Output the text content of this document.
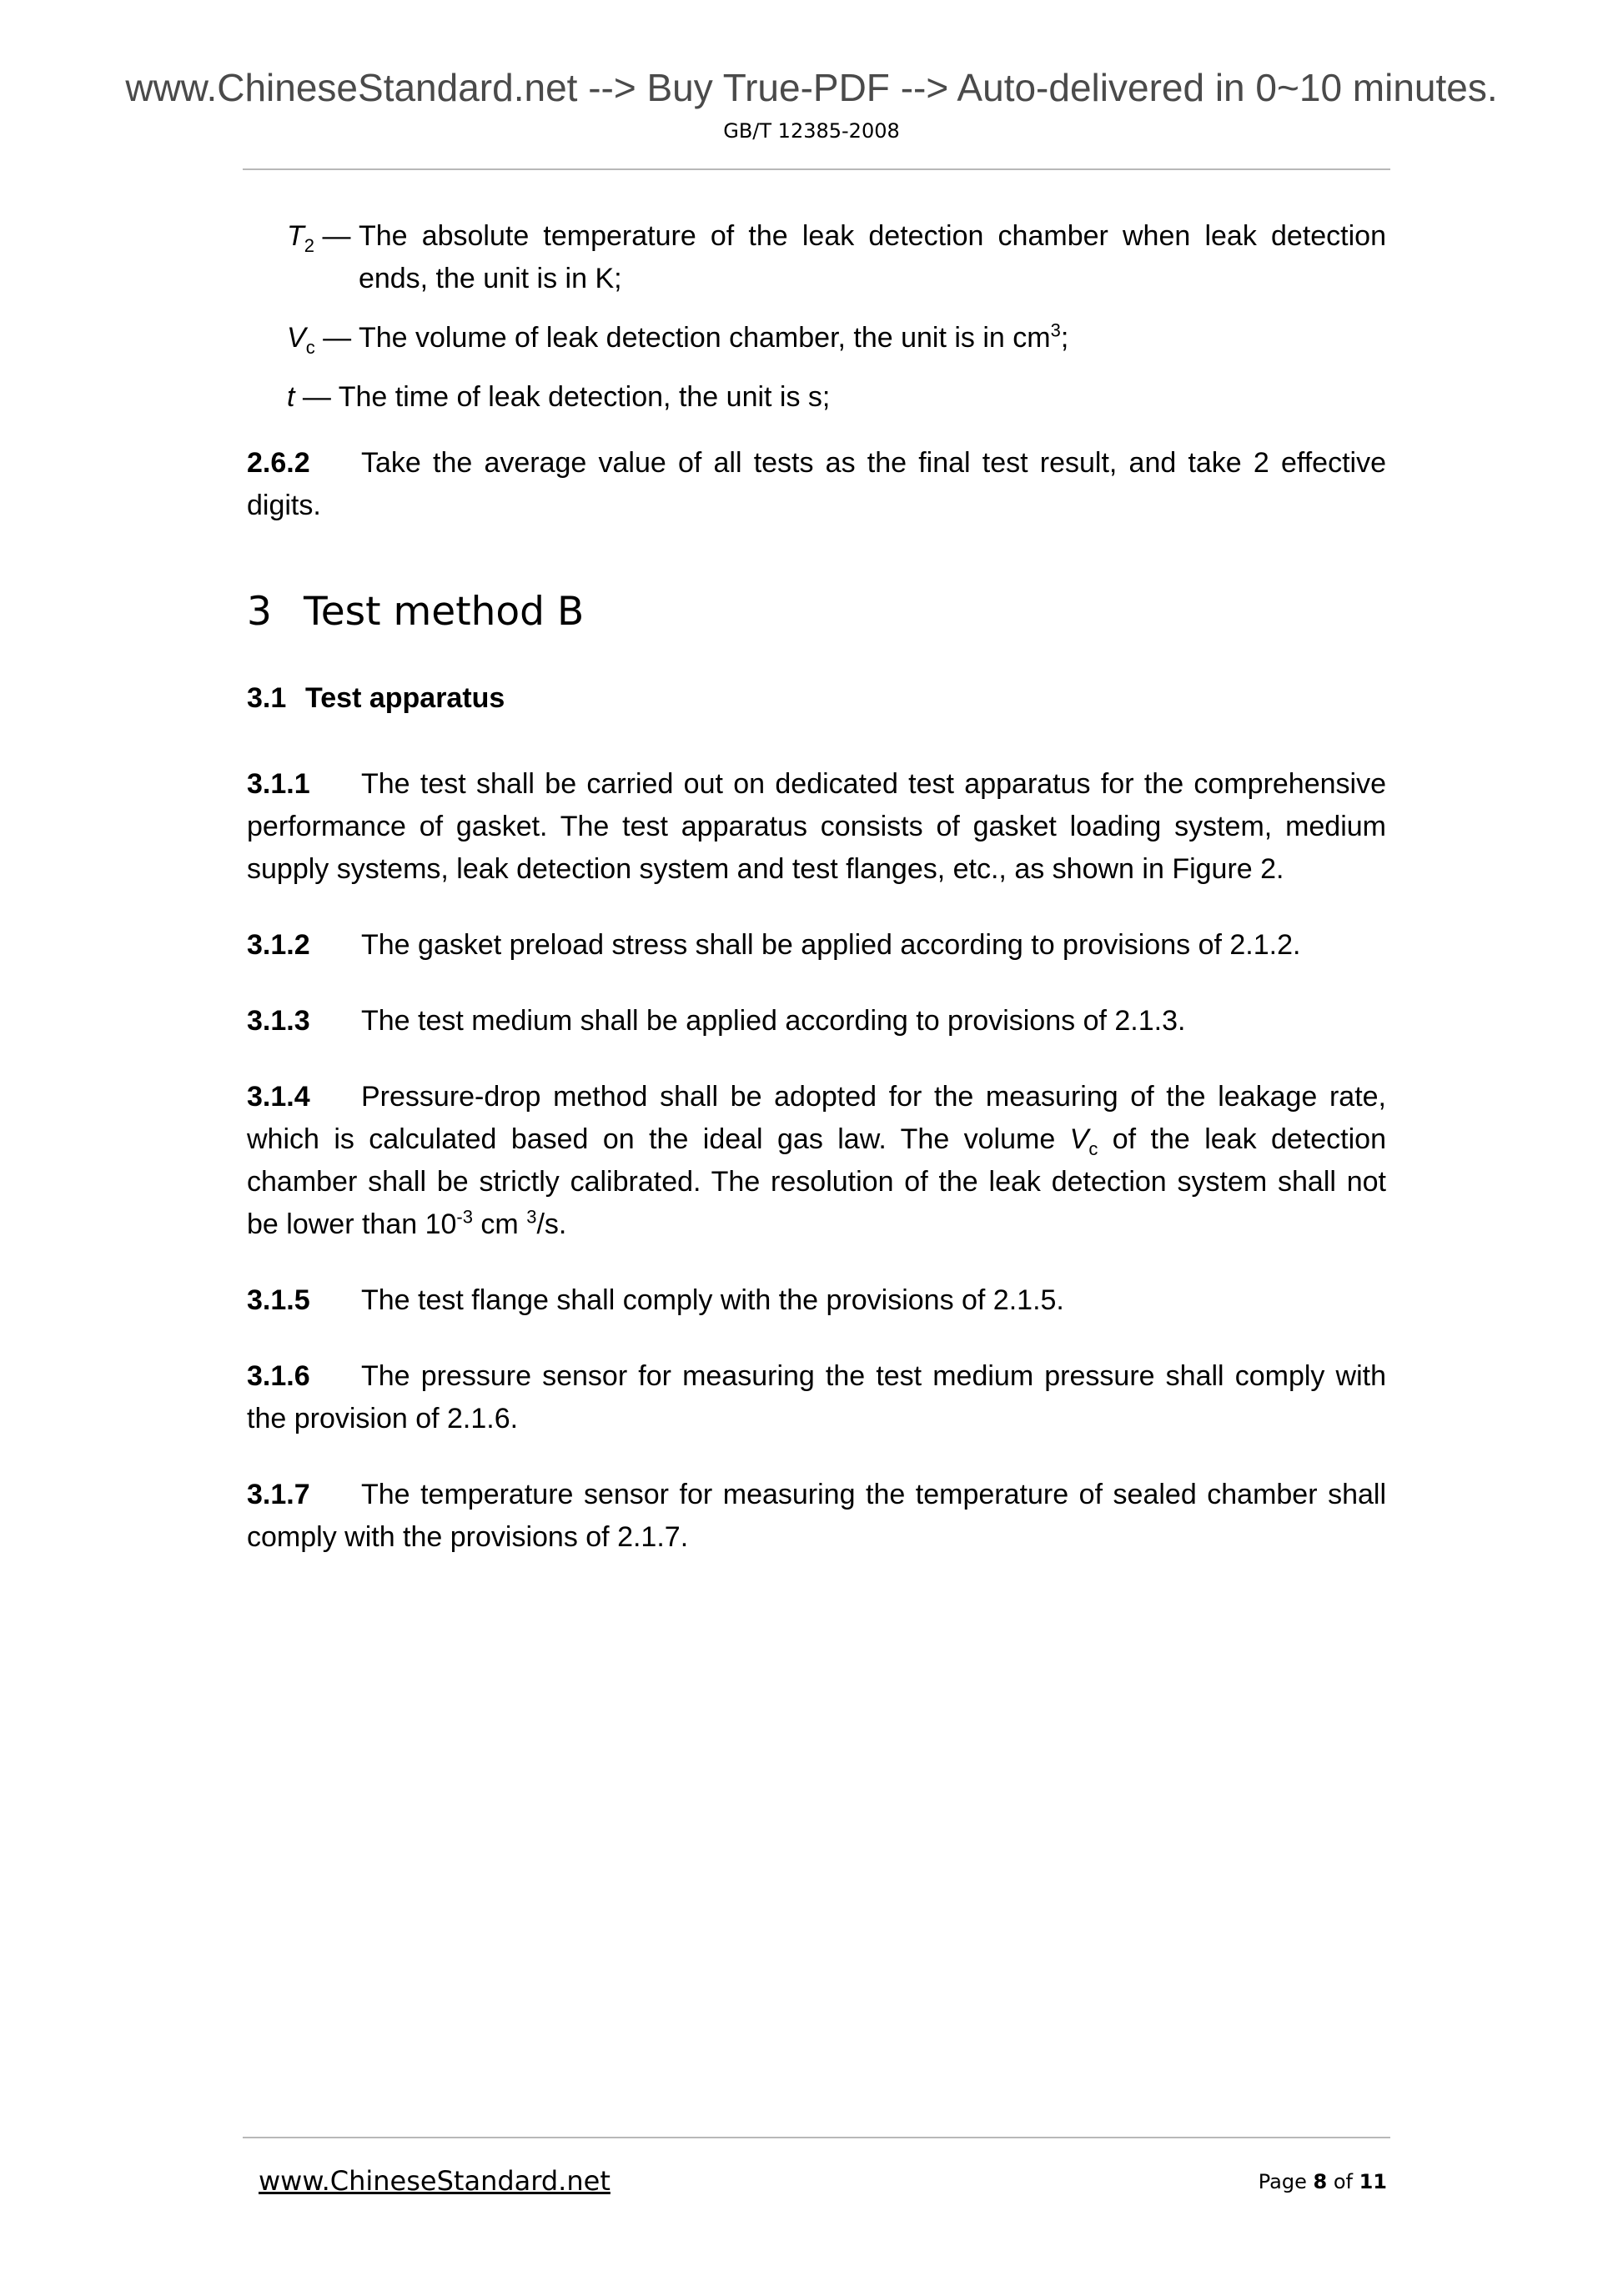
www.ChineseStandard.net --> Buy True-PDF --> Auto-delivered in 0~10 minutes.
GB/T 12385-2008
$T_2$ — The absolute temperature of the leak detection chamber when leak detection ends, the unit is in K;
$V_c$ — The volume of leak detection chamber, the unit is in $cm^3$;
t — The time of leak detection, the unit is s;

2.6.2 Take the average value of all tests as the final test result, and take 2 effective digits.

3 Test method B
3.1 Test apparatus

3.1.1 The test shall be carried out on dedicated test apparatus for the comprehensive performance of gasket. The test apparatus consists of gasket loading system, medium supply systems, leak detection system and test flanges, etc., as shown in Figure 2.

3.1.2 The gasket preload stress shall be applied according to provisions of 2.1.2.

3.1.3 The test medium shall be applied according to provisions of 2.1.3.

3.1.4 Pressure-drop method shall be adopted for the measuring of the leakage rate, which is calculated based on the ideal gas law. The volume $V_c$ of the leak detection chamber shall be strictly calibrated. The resolution of the leak detection system shall not be lower than $10^{-3}$ cm $^3$/s.

3.1.5 The test flange shall comply with the provisions of 2.1.5.

3.1.6 The pressure sensor for measuring the test medium pressure shall comply with the provision of 2.1.6.

3.1.7 The temperature sensor for measuring the temperature of sealed chamber shall comply with the provisions of 2.1.7.

www.ChineseStandard.net	Page 8 of 11
